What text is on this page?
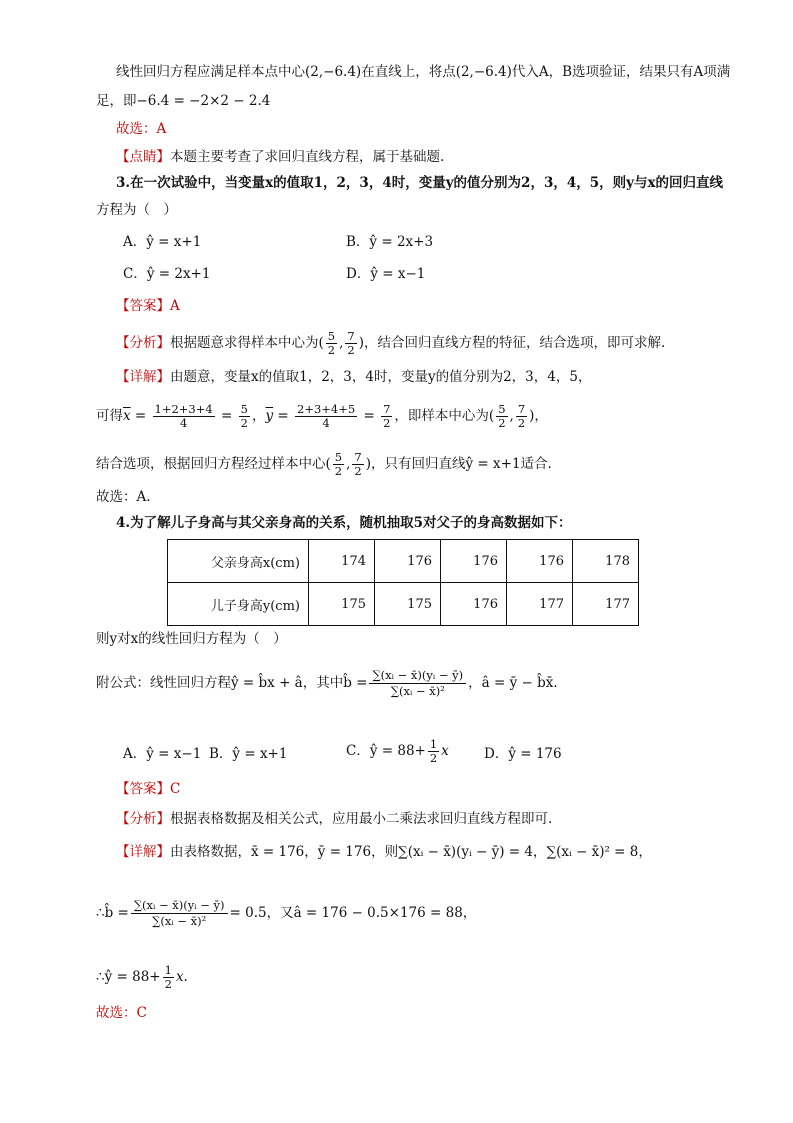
线性回归方程应满足样本点中心(2,−6.4)在直线上，将点(2,−6.4)代入A，B选项验证，结果只有A项满
足，即−6.4 = −2×2 − 2.4
故选：A
【点睛】本题主要考查了求回归直线方程，属于基础题.
3.在一次试验中，当变量x的值取1，2，3，4时，变量y的值分别为2，3，4，5，则y与x的回归直线
方程为（　）
A．ŷ = x+1	B．ŷ = 2x+3
C．ŷ = 2x+1	D．ŷ = x−1
【答案】A
【分析】根据题意求得样本中心为( $\frac{5}{2}$ , $\frac{7}{2}$ )，结合回归直线方程的特征，结合选项，即可求解.
【详解】由题意，变量x的值取1，2，3，4时，变量y的值分别为2，3，4，5，
可得$\overline{x} = \frac{1+2+3+4}{4} = \frac{5}{2}$ ，$\overline{y} = \frac{2+3+4+5}{4} = \frac{7}{2}$ ，即样本中心为( $\frac{5}{2}$ , $\frac{7}{2}$ )，
结合选项，根据回归方程经过样本中心( $\frac{5}{2}$ , $\frac{7}{2}$ )，只有回归直线ŷ = x+1适合.
故选：A.
4.为了解儿子身高与其父亲身高的关系，随机抽取5对父子的身高数据如下：
父亲身高x(cm)	174	176	176	176	178
儿子身高y(cm)	175	175	176	177	177
则y对x的线性回归方程为（　）
附公式：线性回归方程ŷ = b̂x + â，其中b̂ = $\frac{\text{∑(xᵢ − x̄)(yᵢ − ȳ)}}{\text{∑(xᵢ − x̄)²}}$ ，â = ȳ − b̂x̄.
A．ŷ = x−1 B．ŷ = x+1	C．ŷ = $88+ \frac{1}{2}$ x	D．ŷ = 176
【答案】C
【分析】根据表格数据及相关公式，应用最小二乘法求回归直线方程即可.
【详解】由表格数据，x̄ = 176，ȳ = 176，则∑(xᵢ − x̄)(yᵢ − ȳ) = 4，∑(xᵢ − x̄)² = 8，
∴b̂ = $\frac{\text{∑(xᵢ − x̄)(yᵢ − ȳ)}}{\text{∑(xᵢ − x̄)²}} = 0.5$，又â = 176 − 0.5×176 = 88，
∴ŷ = $88+ \frac{1}{2} x$.
故选：C
